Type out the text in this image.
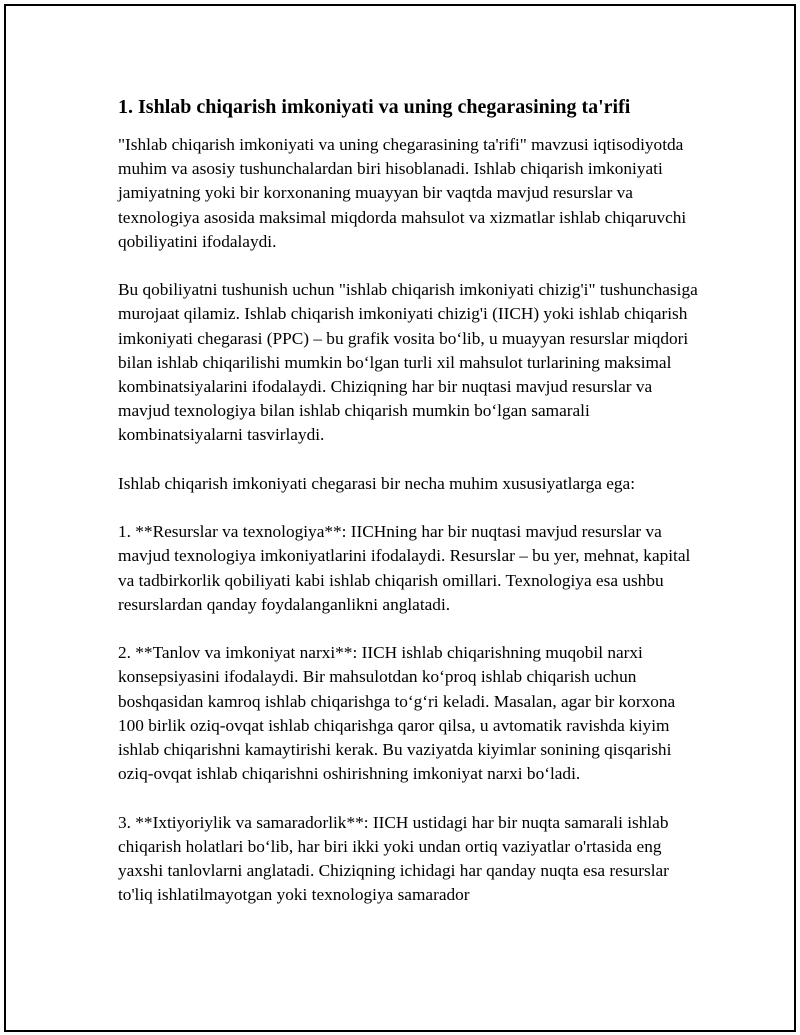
1. Ishlab chiqarish imkoniyati va uning chegarasining ta'rifi

"Ishlab chiqarish imkoniyati va uning chegarasining ta'rifi" mavzusi iqtisodiyotda muhim va asosiy tushunchalardan biri hisoblanadi. Ishlab chiqarish imkoniyati jamiyatning yoki bir korxonaning muayyan bir vaqtda mavjud resurslar va texnologiya asosida maksimal miqdorda mahsulot va xizmatlar ishlab chiqaruvchi qobiliyatini ifodalaydi.

Bu qobiliyatni tushunish uchun "ishlab chiqarish imkoniyati chizig'i" tushunchasiga murojaat qilamiz. Ishlab chiqarish imkoniyati chizig'i (IICH) yoki ishlab chiqarish imkoniyati chegarasi (PPC) – bu grafik vosita bo‘lib, u muayyan resurslar miqdori bilan ishlab chiqarilishi mumkin bo‘lgan turli xil mahsulot turlarining maksimal kombinatsiyalarini ifodalaydi. Chiziqning har bir nuqtasi mavjud resurslar va mavjud texnologiya bilan ishlab chiqarish mumkin bo‘lgan samarali kombinatsiyalarni tasvirlaydi.

Ishlab chiqarish imkoniyati chegarasi bir necha muhim xususiyatlarga ega:

1. **Resurslar va texnologiya**: IICHning har bir nuqtasi mavjud resurslar va mavjud texnologiya imkoniyatlarini ifodalaydi. Resurslar – bu yer, mehnat, kapital va tadbirkorlik qobiliyati kabi ishlab chiqarish omillari. Texnologiya esa ushbu resurslardan qanday foydalanganlikni anglatadi.

2. **Tanlov va imkoniyat narxi**: IICH ishlab chiqarishning muqobil narxi konsepsiyasini ifodalaydi. Bir mahsulotdan ko‘proq ishlab chiqarish uchun boshqasidan kamroq ishlab chiqarishga to‘g‘ri keladi. Masalan, agar bir korxona 100 birlik oziq-ovqat ishlab chiqarishga qaror qilsa, u avtomatik ravishda kiyim ishlab chiqarishni kamaytirishi kerak. Bu vaziyatda kiyimlar sonining qisqarishi oziq-ovqat ishlab chiqarishni oshirishning imkoniyat narxi bo‘ladi.

3. **Ixtiyoriylik va samaradorlik**: IICH ustidagi har bir nuqta samarali ishlab chiqarish holatlari bo‘lib, har biri ikki yoki undan ortiq vaziyatlar o'rtasida eng yaxshi tanlovlarni anglatadi. Chiziqning ichidagi har qanday nuqta esa resurslar to'liq ishlatilmayotgan yoki texnologiya samarador
